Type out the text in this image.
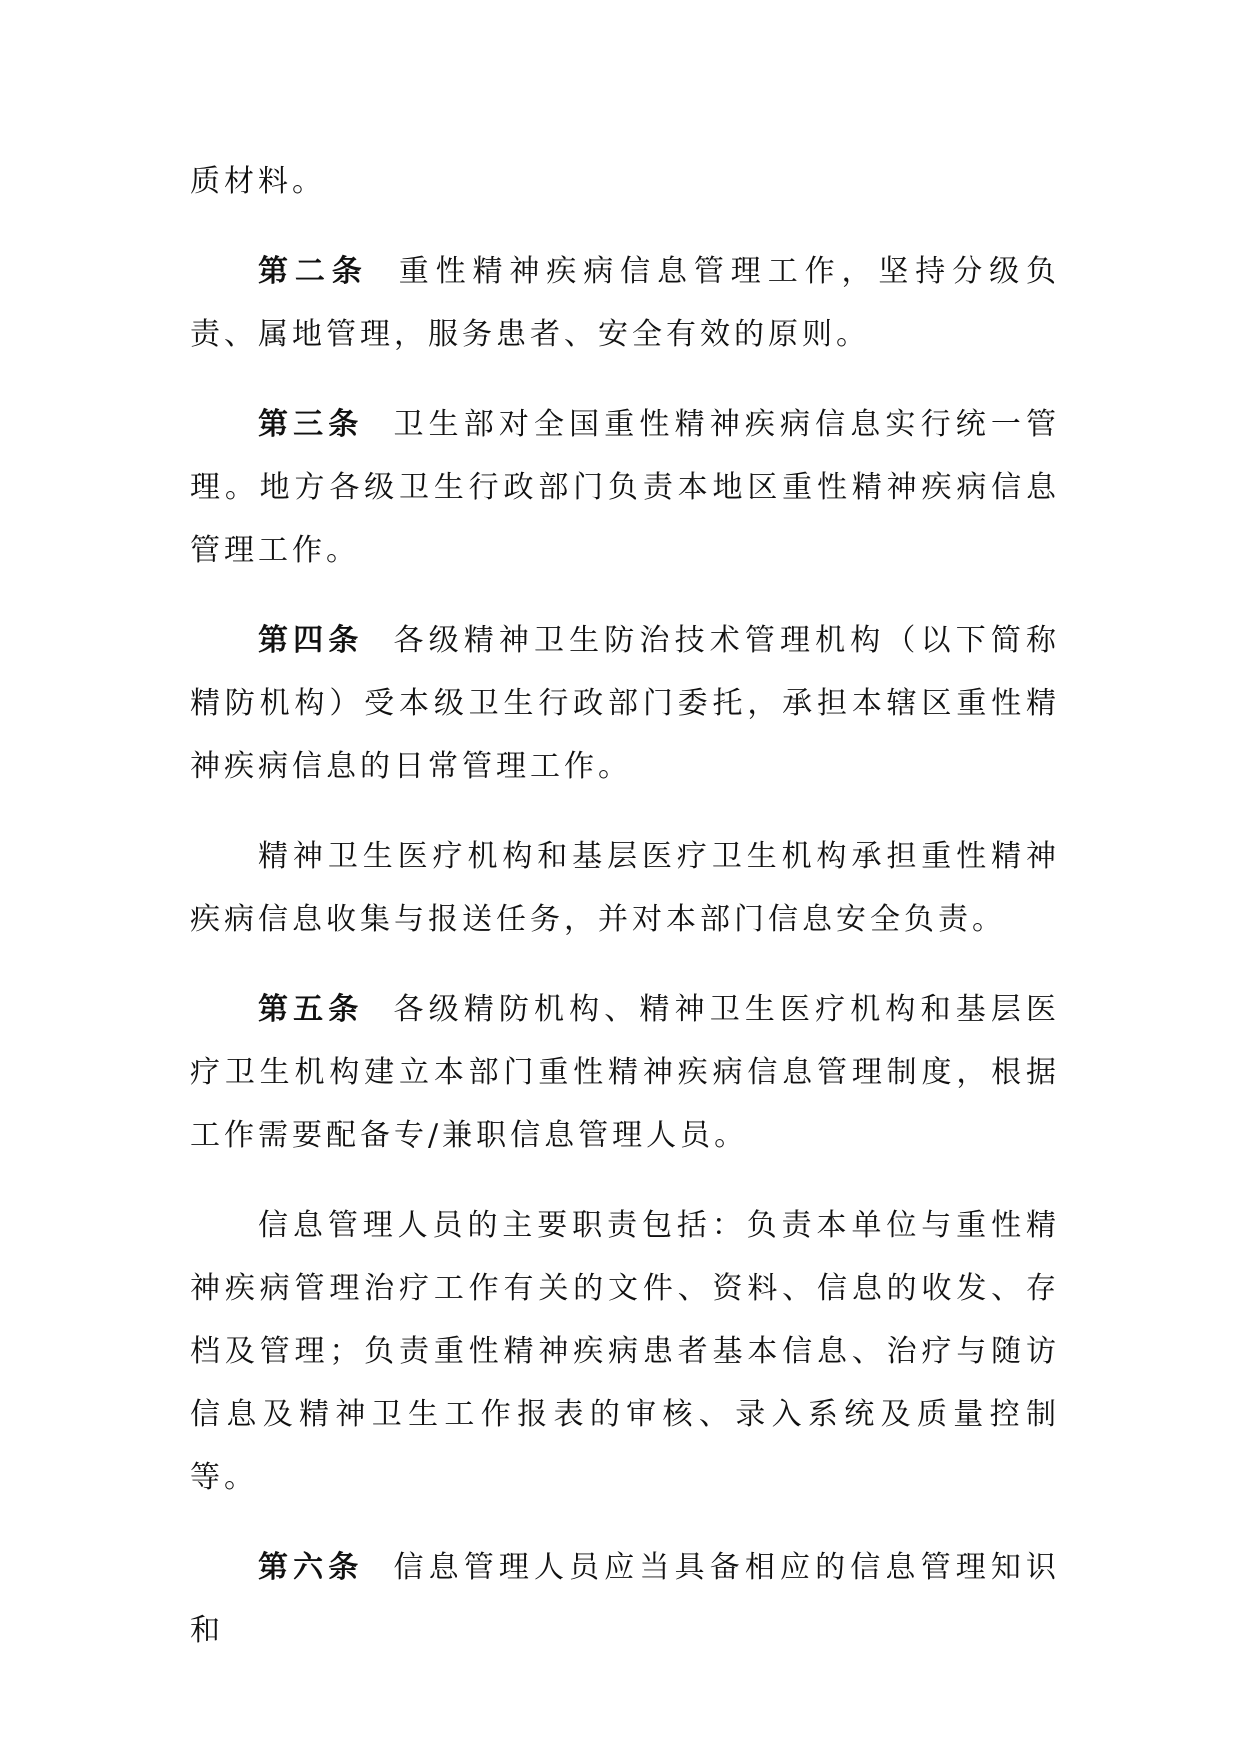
质材料。

第二条 重性精神疾病信息管理工作，坚持分级负责、属地管理，服务患者、安全有效的原则。

第三条 卫生部对全国重性精神疾病信息实行统一管理。地方各级卫生行政部门负责本地区重性精神疾病信息管理工作。

第四条 各级精神卫生防治技术管理机构（以下简称精防机构）受本级卫生行政部门委托，承担本辖区重性精神疾病信息的日常管理工作。

精神卫生医疗机构和基层医疗卫生机构承担重性精神疾病信息收集与报送任务，并对本部门信息安全负责。

第五条 各级精防机构、精神卫生医疗机构和基层医疗卫生机构建立本部门重性精神疾病信息管理制度，根据工作需要配备专/兼职信息管理人员。

信息管理人员的主要职责包括：负责本单位与重性精神疾病管理治疗工作有关的文件、资料、信息的收发、存档及管理；负责重性精神疾病患者基本信息、治疗与随访信息及精神卫生工作报表的审核、录入系统及质量控制等。

第六条 信息管理人员应当具备相应的信息管理知识和
